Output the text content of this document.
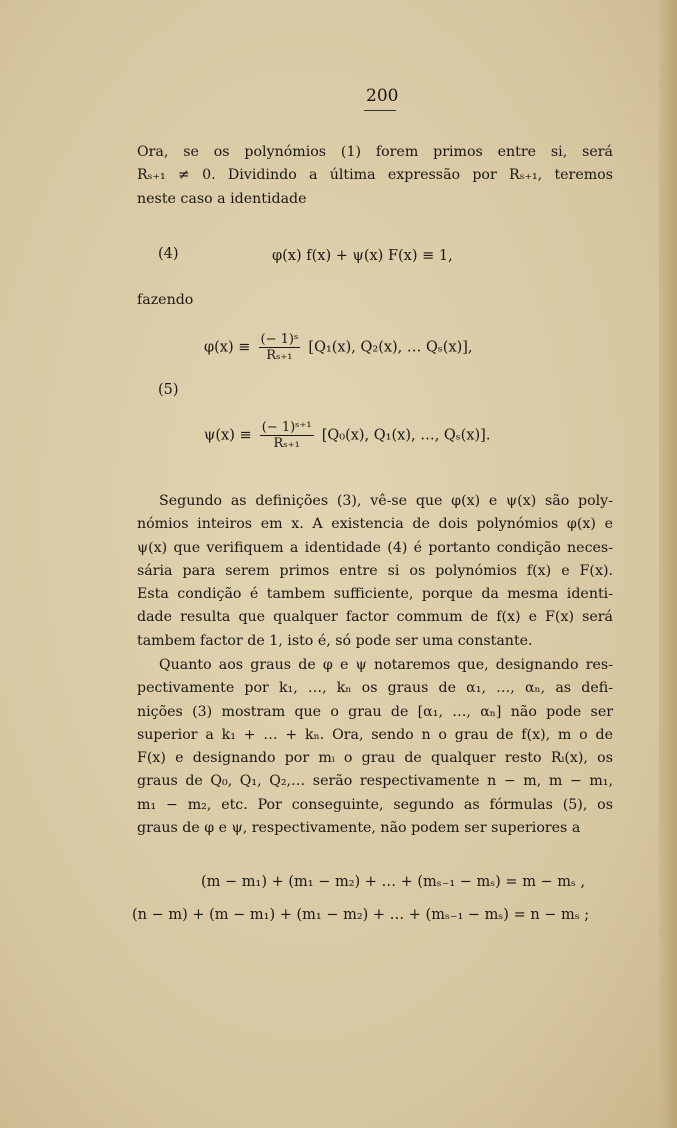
200
Ora, se os polynómios (1) forem primos entre si, será
Rₛ₊₁ ≠ 0. Dividindo a última expressão por Rₛ₊₁, teremos
neste caso a identidade
(4)	φ(x) f(x) + ψ(x) F(x) ≡ 1,
fazendo
$\varphi(x) \equiv \frac{\text{(− 1)ˢ}}{\text{Rₛ₊₁}} [Q_1(x)$, Q₂(x), … Qₛ(x)],
(5)
$\psi(x) \equiv \frac{\text{(− 1)ˢ⁺¹}}{\text{Rₛ₊₁}} [Q_0(x)$, Q₁(x), …, Qₛ(x)].
Segundo as definições (3), vê-se que φ(x) e ψ(x) são poly-
nómios inteiros em x. A existencia de dois polynómios φ(x) e
ψ(x) que verifiquem a identidade (4) é portanto condição neces-
sária para serem primos entre si os polynómios f(x) e F(x).
Esta condição é tambem sufficiente, porque da mesma identi-
dade resulta que qualquer factor commum de f(x) e F(x) será
tambem factor de 1, isto é, só pode ser uma constante.
Quanto aos graus de φ e ψ notaremos que, designando res-
pectivamente por k₁, …, kₙ os graus de α₁, …, αₙ, as defi-
nições (3) mostram que o grau de [α₁, …, αₙ] não pode ser
superior a k₁ + … + kₙ. Ora, sendo n o grau de f(x), m o de
F(x) e designando por mᵢ o grau de qualquer resto Rᵢ(x), os
graus de Q₀, Q₁, Q₂,… serão respectivamente n − m, m − m₁,
m₁ − m₂, etc. Por conseguinte, segundo as fórmulas (5), os
graus de φ e ψ, respectivamente, não podem ser superiores a
(m − m₁) + (m₁ − m₂) + … + (mₛ₋₁ − mₛ) = m − mₛ ,
(n − m) + (m − m₁) + (m₁ − m₂) + … + (mₛ₋₁ − mₛ) = n − mₛ ;
